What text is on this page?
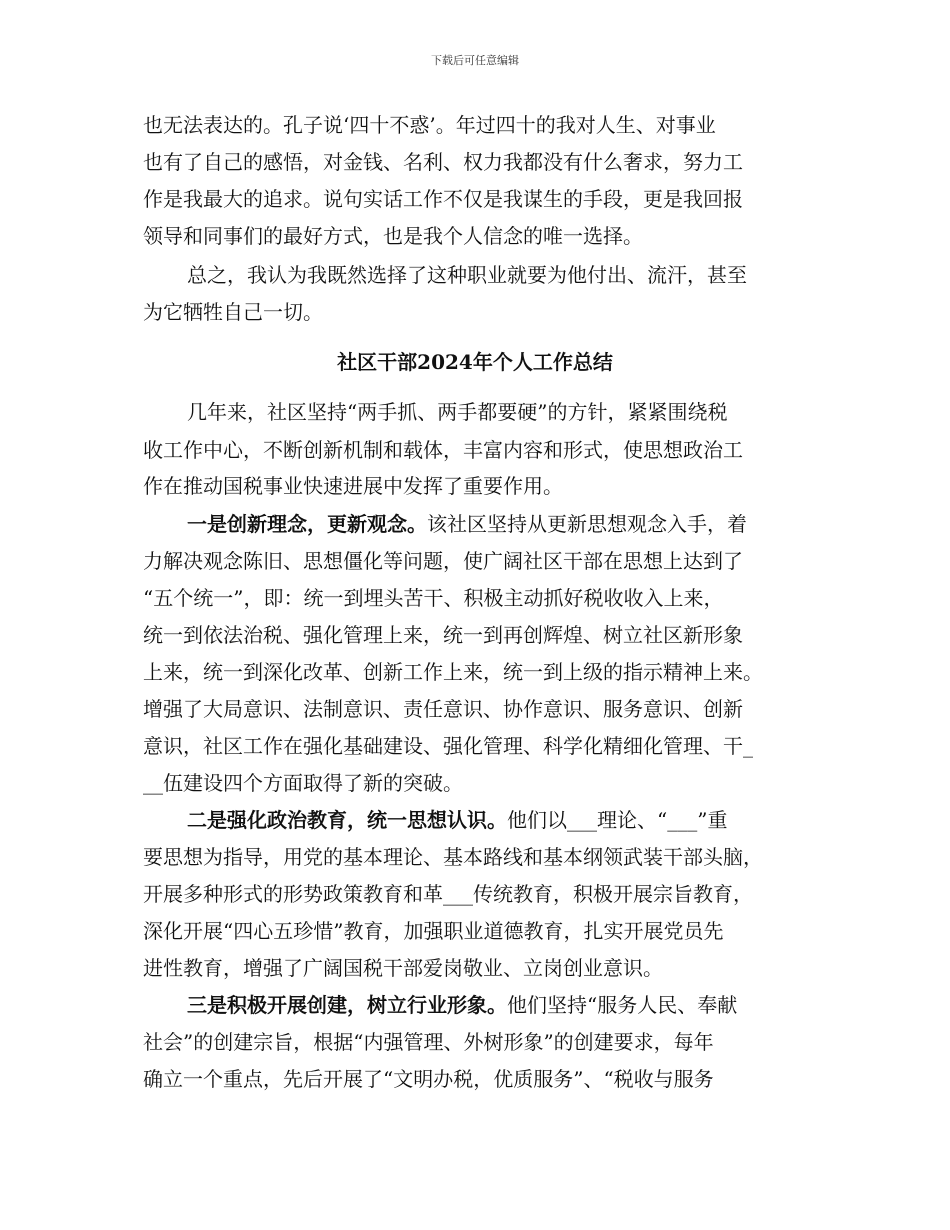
下载后可任意编辑
也无法表达的。孔子说‘四十不惑’。年过四十的我对人生、对事业
也有了自己的感悟，对金钱、名利、权力我都没有什么奢求，努力工
作是我最大的追求。说句实话工作不仅是我谋生的手段，更是我回报
领导和同事们的最好方式，也是我个人信念的唯一选择。
总之，我认为我既然选择了这种职业就要为他付出、流汗，甚至
为它牺牲自己一切。
社区干部2024年个人工作总结
几年来，社区坚持“两手抓、两手都要硬”的方针，紧紧围绕税
收工作中心，不断创新机制和载体，丰富内容和形式，使思想政治工
作在推动国税事业快速进展中发挥了重要作用。
一是创新理念，更新观念。该社区坚持从更新思想观念入手，着
力解决观念陈旧、思想僵化等问题，使广阔社区干部在思想上达到了
“五个统一”，即：统一到埋头苦干、积极主动抓好税收收入上来，
统一到依法治税、强化管理上来，统一到再创辉煌、树立社区新形象
上来，统一到深化改革、创新工作上来，统一到上级的指示精神上来。
增强了大局意识、法制意识、责任意识、协作意识、服务意识、创新
意识，社区工作在强化基础建设、强化管理、科学化精细化管理、干_
__伍建设四个方面取得了新的突破。
二是强化政治教育，统一思想认识。他们以___理论、“___”重
要思想为指导，用党的基本理论、基本路线和基本纲领武装干部头脑，
开展多种形式的形势政策教育和革___传统教育，积极开展宗旨教育，
深化开展“四心五珍惜”教育，加强职业道德教育，扎实开展党员先
进性教育，增强了广阔国税干部爱岗敬业、立岗创业意识。
三是积极开展创建，树立行业形象。他们坚持“服务人民、奉献
社会”的创建宗旨，根据“内强管理、外树形象”的创建要求，每年
确立一个重点，先后开展了“文明办税，优质服务”、“税收与服务
